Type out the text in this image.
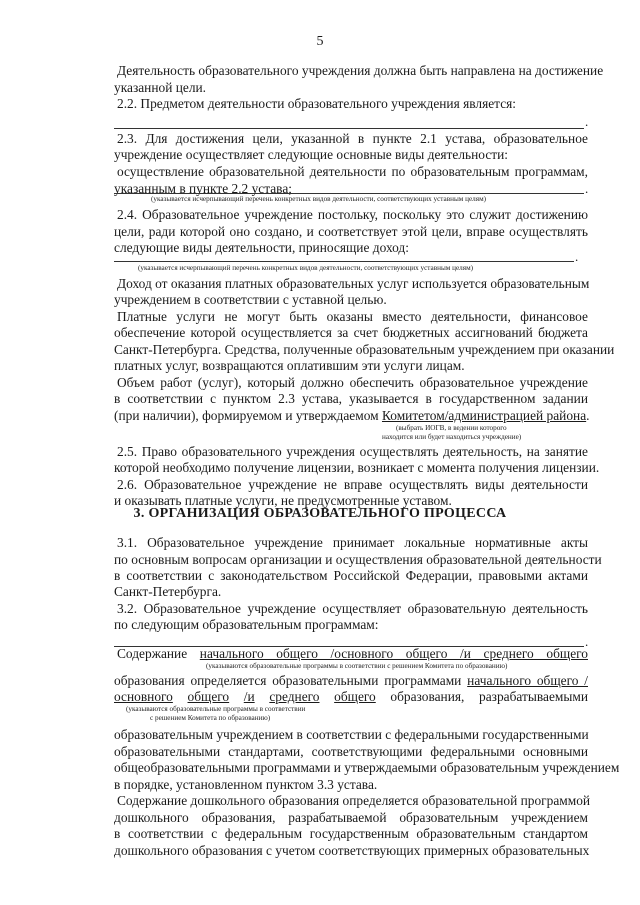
5
Деятельность образовательного учреждения должна быть направлена на достижение
указанной цели.
2.2. Предметом деятельности образовательного учреждения является:
.
2.3. Для достижения цели, указанной в пункте 2.1 устава, образовательное
учреждение осуществляет следующие основные виды деятельности:
осуществление образовательной деятельности по образовательным программам,
указанным в пункте 2.2 устава;	.
(указывается исчерпывающий перечень конкретных видов деятельности, соответствующих уставным целям)
2.4. Образовательное учреждение постольку, поскольку это служит достижению
цели, ради которой оно создано, и соответствует этой цели, вправе осуществлять
следующие виды деятельности, приносящие доход:
.
(указывается исчерпывающий перечень конкретных видов деятельности, соответствующих уставным целям)
Доход от оказания платных образовательных услуг используется образовательным
учреждением в соответствии с уставной целью.
Платные услуги не могут быть оказаны вместо деятельности, финансовое
обеспечение которой осуществляется за счет бюджетных ассигнований бюджета
Санкт-Петербурга. Средства, полученные образовательным учреждением при оказании
платных услуг, возвращаются оплатившим эти услуги лицам.
Объем работ (услуг), который должно обеспечить образовательное учреждение
в соответствии с пунктом 2.3 устава, указывается в государственном задании
(при наличии), формируемом и утверждаемом Комитетом/администрацией района.
(выбрать ИОГВ, в ведении которого
находится или будет находиться учреждение)
2.5. Право образовательного учреждения осуществлять деятельность, на занятие
которой необходимо получение лицензии, возникает с момента получения лицензии.
2.6. Образовательное учреждение не вправе осуществлять виды деятельности
и оказывать платные услуги, не предусмотренные уставом.
3. ОРГАНИЗАЦИЯ ОБРАЗОВАТЕЛЬНОГО ПРОЦЕССА
3.1. Образовательное учреждение принимает локальные нормативные акты
по основным вопросам организации и осуществления образовательной деятельности
в соответствии с законодательством Российской Федерации, правовыми актами
Санкт-Петербурга.
3.2. Образовательное учреждение осуществляет образовательную деятельность
по следующим образовательным программам:
.
Содержание начального общего /основного общего /и среднего общего
(указываются образовательные программы в соответствии с решением Комитета по образованию)
образования определяется образовательными программами начального общего /
основного общего /и среднего общего образования, разрабатываемыми
(указываются образовательные программы в соответствии
с решением Комитета по образованию)
образовательным учреждением в соответствии с федеральными государственными
образовательными стандартами, соответствующими федеральными основными
общеобразовательными программами и утверждаемыми образовательным учреждением
в порядке, установленном пунктом 3.3 устава.
Содержание дошкольного образования определяется образовательной программой
дошкольного образования, разрабатываемой образовательным учреждением
в соответствии с федеральным государственным образовательным стандартом
дошкольного образования с учетом соответствующих примерных образовательных
